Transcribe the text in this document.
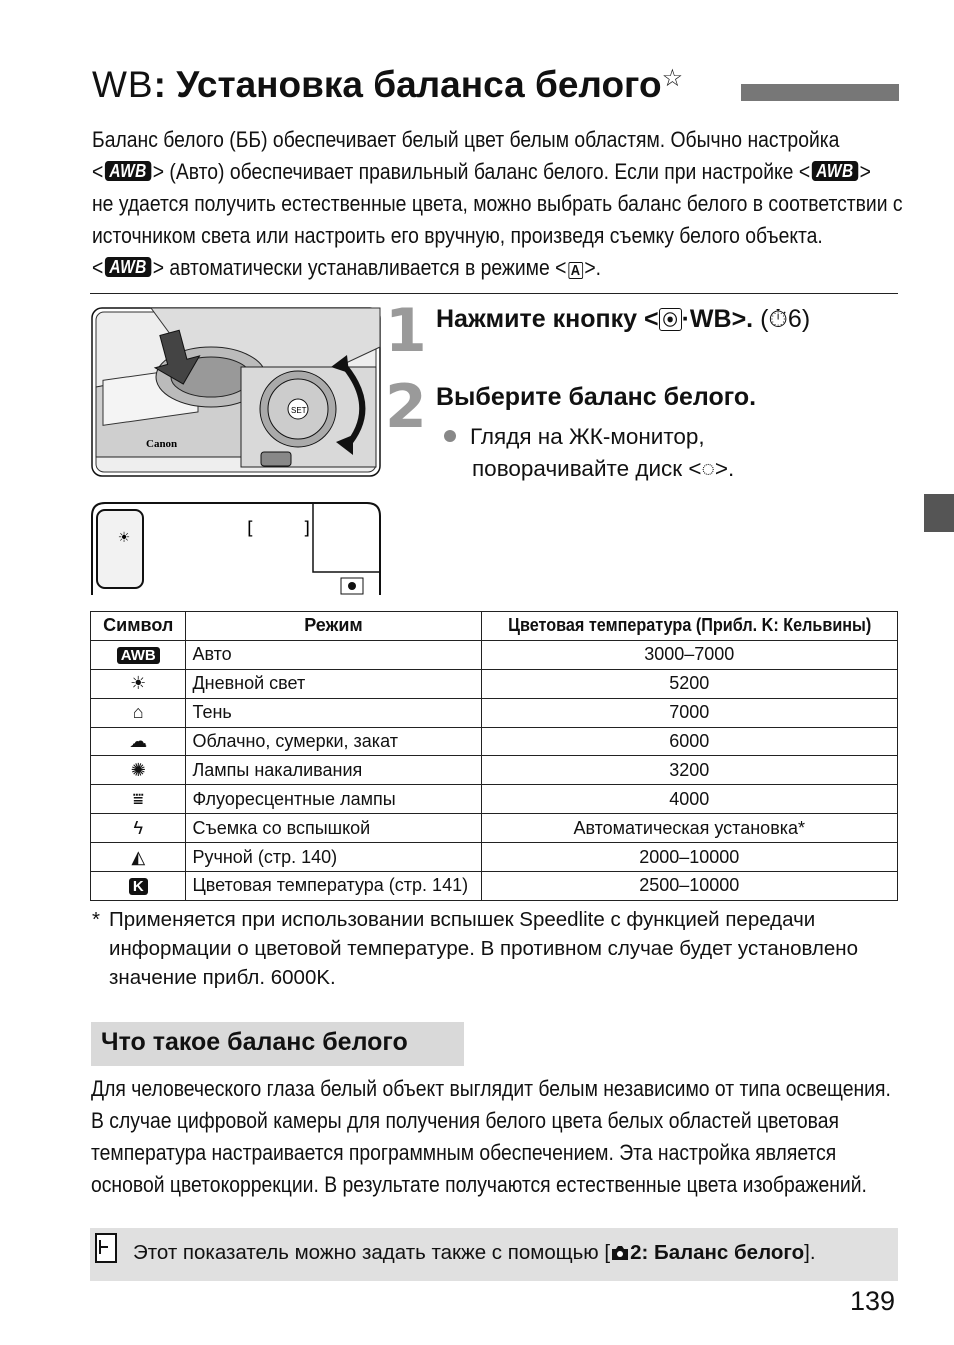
WB: Установка баланса белого☆
Баланс белого (ББ) обеспечивает белый цвет белым областям. Обычно настройка
< AWB > (Авто) обеспечивает правильный баланс белого. Если при настройке < AWB >
не удается получить естественные цвета, можно выбрать баланс белого в соответствии с
источником света или настроить его вручную, произведя съемку белого объекта.
< AWB > автоматически устанавливается в режиме < A >.
SET
Canon
☀	[	]
1 Нажмите кнопку < ⦿ ·WB>. (⏱6)
2 Выберите баланс белого.
Глядя на ЖК-монитор,
поворачивайте диск <◌>.
Символ	Режим	Цветовая температура (Прибл. K: Кельвины)
AWB	Авто	3000–7000
☀	Дневной свет	5200
⌂	Тень	7000
☁	Облачно, сумерки, закат	6000
✺	Лампы накаливания	3200
⩸	Флуоресцентные лампы	4000
ϟ	Съемка со вспышкой	Автоматическая установка*
◭	Ручной (стр. 140)	2000–10000
K	Цветовая температура (стр. 141)	2500–10000
* Применяется при использовании вспышек Speedlite с функцией передачи информации о цветовой температуре. В противном случае будет установлено значение прибл. 6000K.
Что такое баланс белого
Для человеческого глаза белый объект выглядит белым независимо от типа освещения.
В случае цифровой камеры для получения белого цвета белых областей цветовая
температура настраивается программным обеспечением. Эта настройка является
основой цветокоррекции. В результате получаются естественные цвета изображений.
Этот показатель можно задать также с помощью [ 2: Баланс белого].
139
